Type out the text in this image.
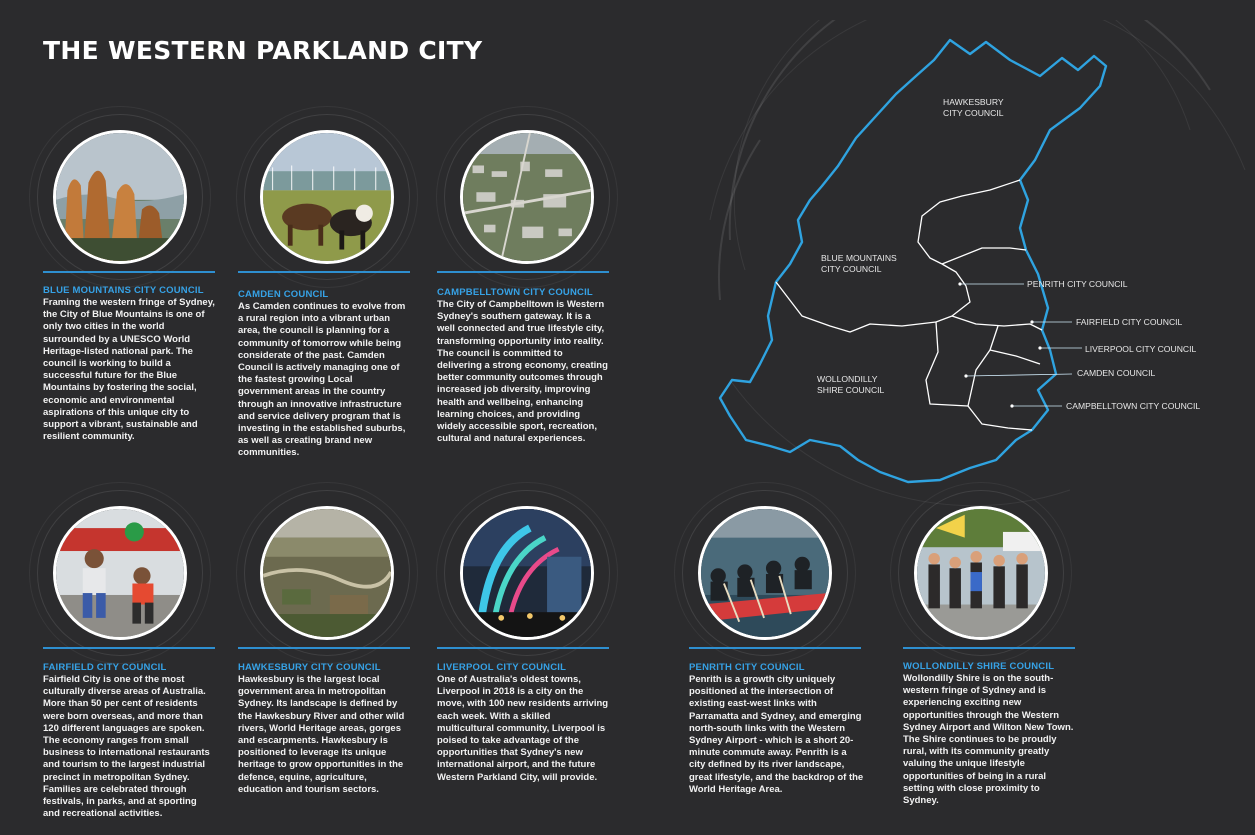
THE WESTERN PARKLAND CITY
BLUE MOUNTAINS CITY COUNCIL
Framing the western fringe of Sydney, the City of Blue Mountains is one of only two cities in the world surrounded by a UNESCO World Heritage-listed national park. The council is working to build a successful future for the Blue Mountains by fostering the social, economic and environmental aspirations of this unique city to support a vibrant, sustainable and resilient community.
CAMDEN COUNCIL
As Camden continues to evolve from a rural region into a vibrant urban area, the council is planning for a community of tomorrow while being considerate of the past. Camden Council is actively managing one of the fastest growing Local government areas in the country through an innovative infrastructure and service delivery program that is investing in the established suburbs, as well as creating brand new communities.
CAMPBELLTOWN CITY COUNCIL
The City of Campbelltown is Western Sydney's southern gateway. It is a well connected and true lifestyle city, transforming opportunity into reality. The council is committed to delivering a strong economy, creating better community outcomes through increased job diversity, improving health and wellbeing, enhancing learning choices, and providing widely accessible sport, recreation, cultural and natural experiences.
FAIRFIELD CITY COUNCIL
Fairfield City is one of the most culturally diverse areas of Australia. More than 50 per cent of residents were born overseas, and more than 120 different languages are spoken. The economy ranges from small business to international restaurants and tourism to the largest industrial precinct in metropolitan Sydney. Families are celebrated through festivals, in parks, and at sporting and recreational activities.
HAWKESBURY CITY COUNCIL
Hawkesbury is the largest local government area in metropolitan Sydney. Its landscape is defined by the Hawkesbury River and other wild rivers, World Heritage areas, gorges and escarpments. Hawkesbury is positioned to leverage its unique heritage to grow opportunities in the defence, equine, agriculture, education and tourism sectors.
LIVERPOOL CITY COUNCIL
One of Australia's oldest towns, Liverpool in 2018 is a city on the move, with 100 new residents arriving each week. With a skilled multicultural community, Liverpool is poised to take advantage of the opportunities that Sydney's new international airport, and the future Western Parkland City, will provide.
PENRITH CITY COUNCIL
Penrith is a growth city uniquely positioned at the intersection of existing east-west links with Parramatta and Sydney, and emerging north-south links with the Western Sydney Airport - which is a short 20-minute commute away. Penrith is a city defined by its river landscape, great lifestyle, and the backdrop of the World Heritage Area.
WOLLONDILLY SHIRE COUNCIL
Wollondilly Shire is on the south-western fringe of Sydney and is experiencing exciting new opportunities through the Western Sydney Airport and Wilton New Town. The Shire continues to be proudly rural, with its community greatly valuing the unique lifestyle opportunities of being in a rural setting with close proximity to Sydney.
HAWKESBURY
CITY COUNCIL
BLUE MOUNTAINS
CITY COUNCIL
WOLLONDILLY
SHIRE COUNCIL
PENRITH CITY COUNCIL
FAIRFIELD CITY COUNCIL
LIVERPOOL CITY COUNCIL
CAMDEN COUNCIL
CAMPBELLTOWN CITY COUNCIL
